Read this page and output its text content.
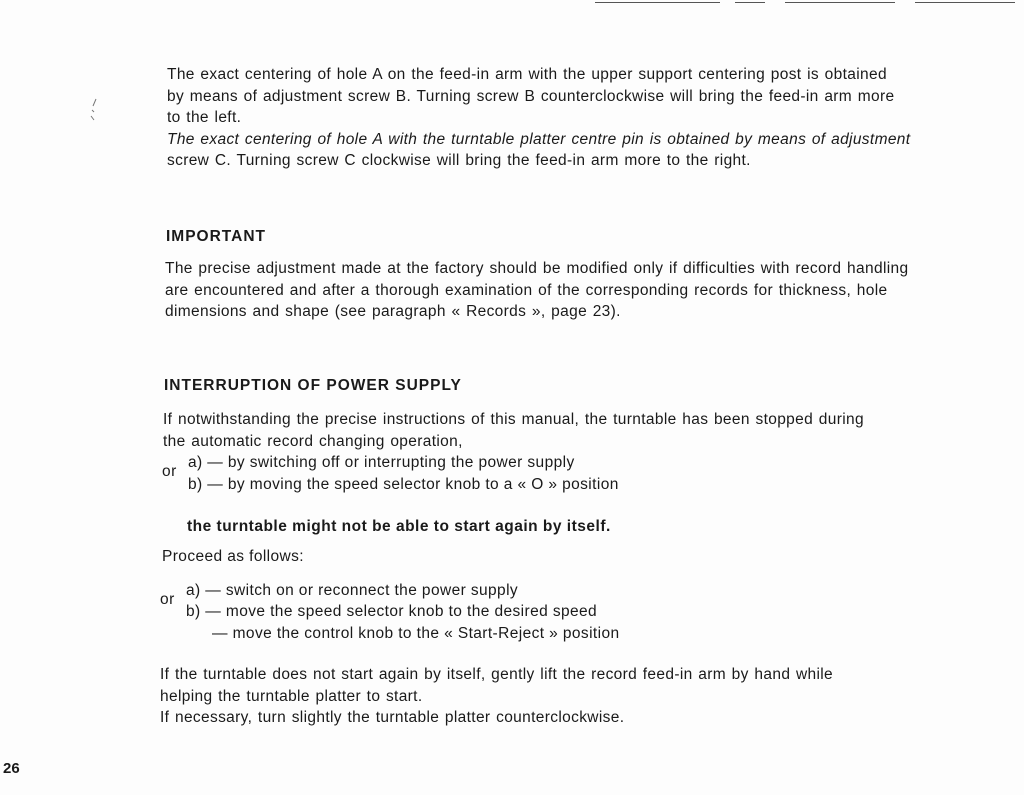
The exact centering of hole A on the feed-in arm with the upper support centering post is obtained
by means of adjustment screw B. Turning screw B counterclockwise will bring the feed-in arm more
to the left.
The exact centering of hole A with the turntable platter centre pin is obtained by means of adjustment
screw C. Turning screw C clockwise will bring the feed-in arm more to the right.
IMPORTANT
The precise adjustment made at the factory should be modified only if difficulties with record handling
are encountered and after a thorough examination of the corresponding records for thickness, hole
dimensions and shape (see paragraph « Records », page 23).
INTERRUPTION OF POWER SUPPLY
If notwithstanding the precise instructions of this manual, the turntable has been stopped during
the automatic record changing operation,
or
a) — by switching off or interrupting the power supply
b) — by moving the speed selector knob to a « O » position
the turntable might not be able to start again by itself.
Proceed as follows:
or
a) — switch on or reconnect the power supply
b) — move the speed selector knob to the desired speed
— move the control knob to the « Start-Reject » position
If the turntable does not start again by itself, gently lift the record feed-in arm by hand while
helping the turntable platter to start.
If necessary, turn slightly the turntable platter counterclockwise.
26
